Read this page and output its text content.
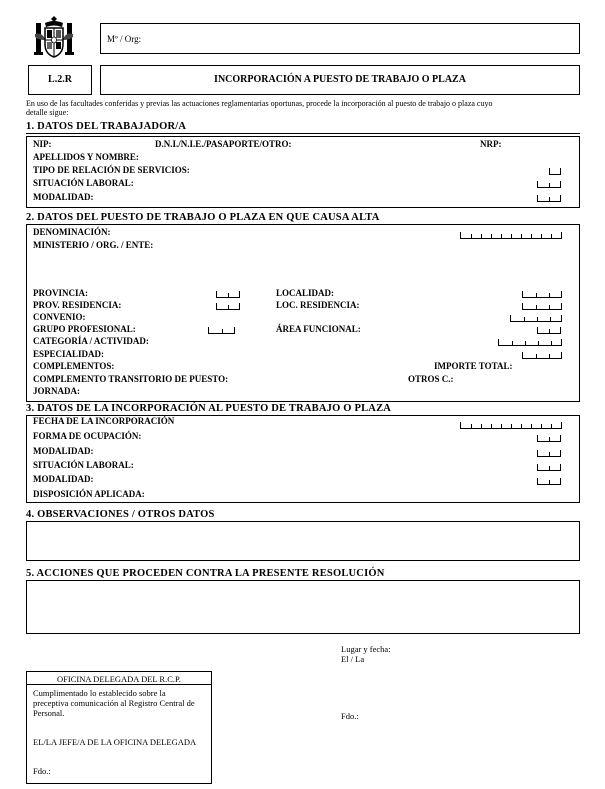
Mº / Org:
L.2.R	INCORPORACIÓN A PUESTO DE TRABAJO O PLAZA
En uso de las facultades conferidas y previas las actuaciones reglamentarias oportunas, procede la incorporación al puesto de trabajo o plaza cuyo
detalle sigue:
1. DATOS DEL TRABAJADOR/A
NIP:	D.N.I./N.I.E./PASAPORTE/OTRO:	NRP:
APELLIDOS Y NOMBRE:
TIPO DE RELACIÓN DE SERVICIOS:
SITUACIÓN LABORAL:
MODALIDAD:
2. DATOS DEL PUESTO DE TRABAJO O PLAZA EN QUE CAUSA ALTA
DENOMINACIÓN:
MINISTERIO / ORG. / ENTE:
PROVINCIA:	LOCALIDAD:
PROV. RESIDENCIA:	LOC. RESIDENCIA:
CONVENIO:
GRUPO PROFESIONAL:	ÁREA FUNCIONAL:
CATEGORÍA / ACTIVIDAD:
ESPECIALIDAD:
COMPLEMENTOS:	IMPORTE TOTAL:
COMPLEMENTO TRANSITORIO DE PUESTO:	OTROS C.:
JORNADA:
3. DATOS DE LA INCORPORACIÓN AL PUESTO DE TRABAJO O PLAZA
FECHA DE LA INCORPORACIÓN
FORMA DE OCUPACIÓN:
MODALIDAD:
SITUACIÓN LABORAL:
MODALIDAD:
DISPOSICIÓN APLICADA:
4. OBSERVACIONES / OTROS DATOS
5. ACCIONES QUE PROCEDEN CONTRA LA PRESENTE RESOLUCIÓN
Lugar y fecha:
El / La
Fdo.:
OFICINA DELEGADA DEL R.C.P.
Cumplimentado lo establecido sobre la
preceptiva comunicación al Registro Central de
Personal.
EL/LA JEFE/A DE LA OFICINA DELEGADA
Fdo.:
